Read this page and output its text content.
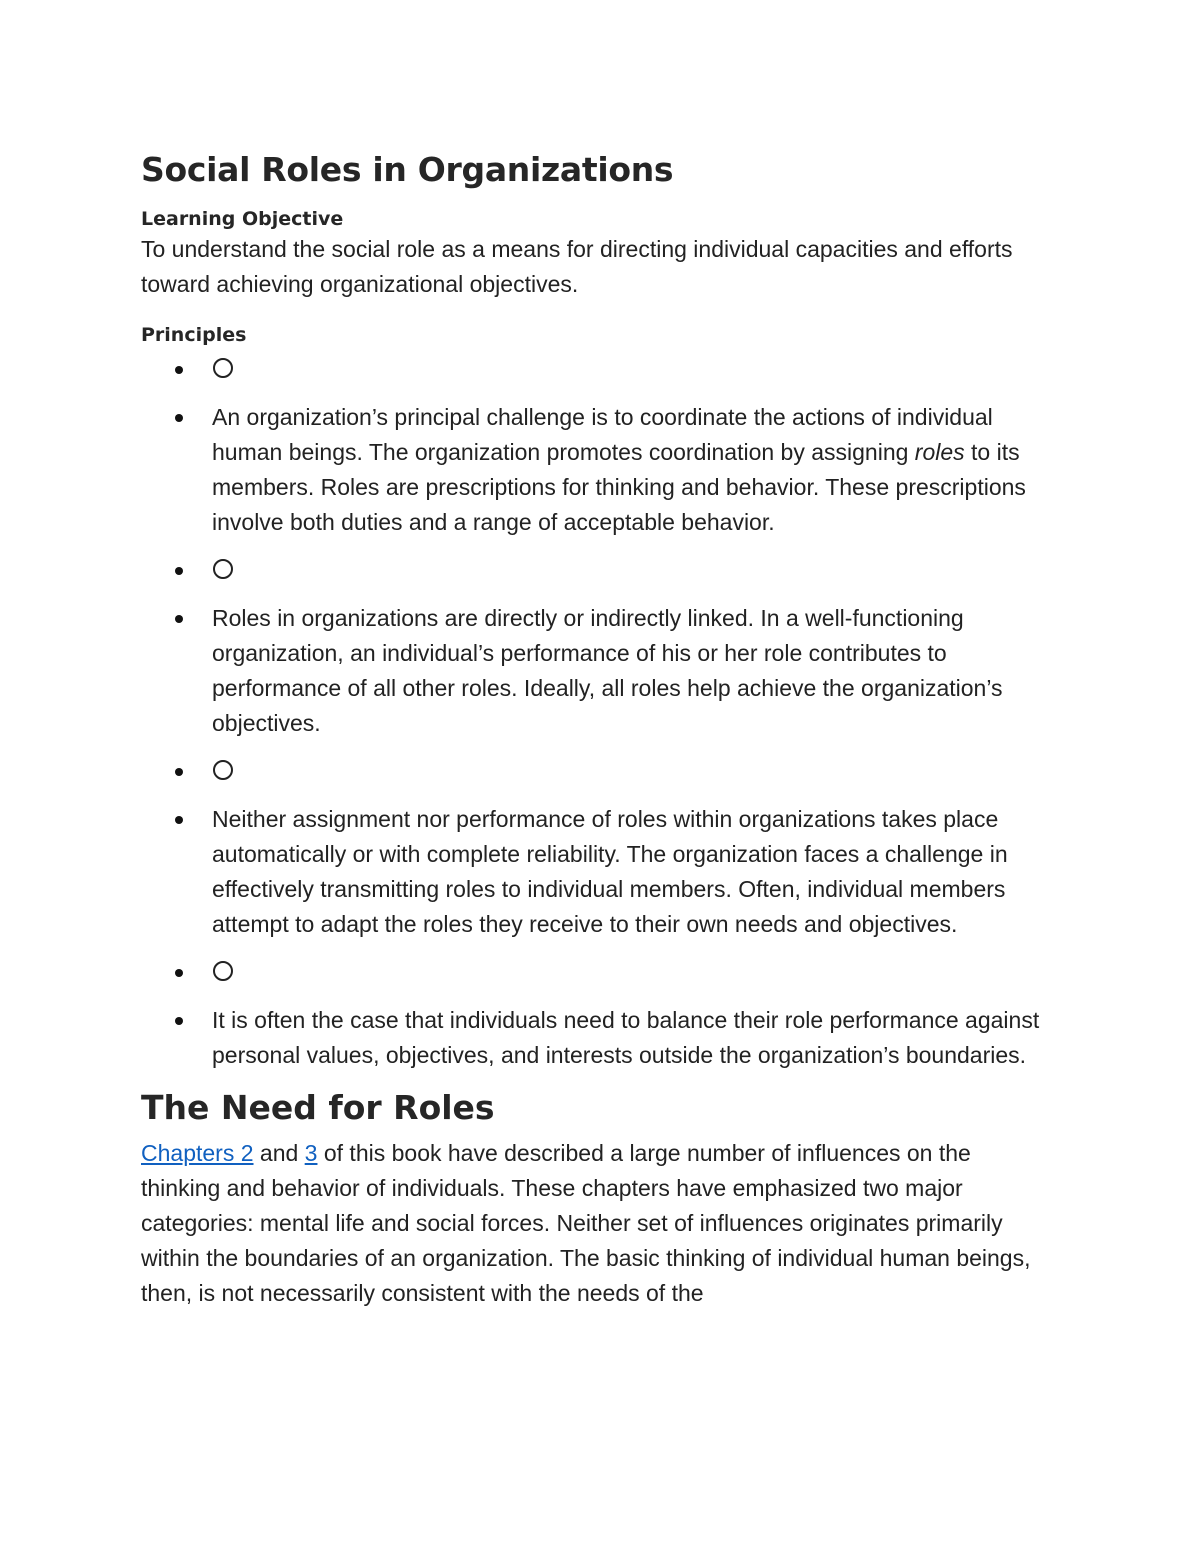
Social Roles in Organizations

Learning Objective

To understand the social role as a means for directing individual capacities and efforts toward achieving organizational objectives.

Principles

An organization’s principal challenge is to coordinate the actions of individual human beings. The organization promotes coordination by assigning roles to its members. Roles are prescriptions for thinking and behavior. These prescriptions involve both duties and a range of acceptable behavior.
Roles in organizations are directly or indirectly linked. In a well-functioning organization, an individual’s performance of his or her role contributes to performance of all other roles. Ideally, all roles help achieve the organization’s objectives.
Neither assignment nor performance of roles within organizations takes place automatically or with complete reliability. The organization faces a challenge in effectively transmitting roles to individual members. Often, individual members attempt to adapt the roles they receive to their own needs and objectives.
It is often the case that individuals need to balance their role performance against personal values, objectives, and interests outside the organization’s boundaries.
The Need for Roles

Chapters 2 and 3 of this book have described a large number of influences on the thinking and behavior of individuals. These chapters have emphasized two major categories: mental life and social forces. Neither set of influences originates primarily within the boundaries of an organization. The basic thinking of individual human beings, then, is not necessarily consistent with the needs of the
